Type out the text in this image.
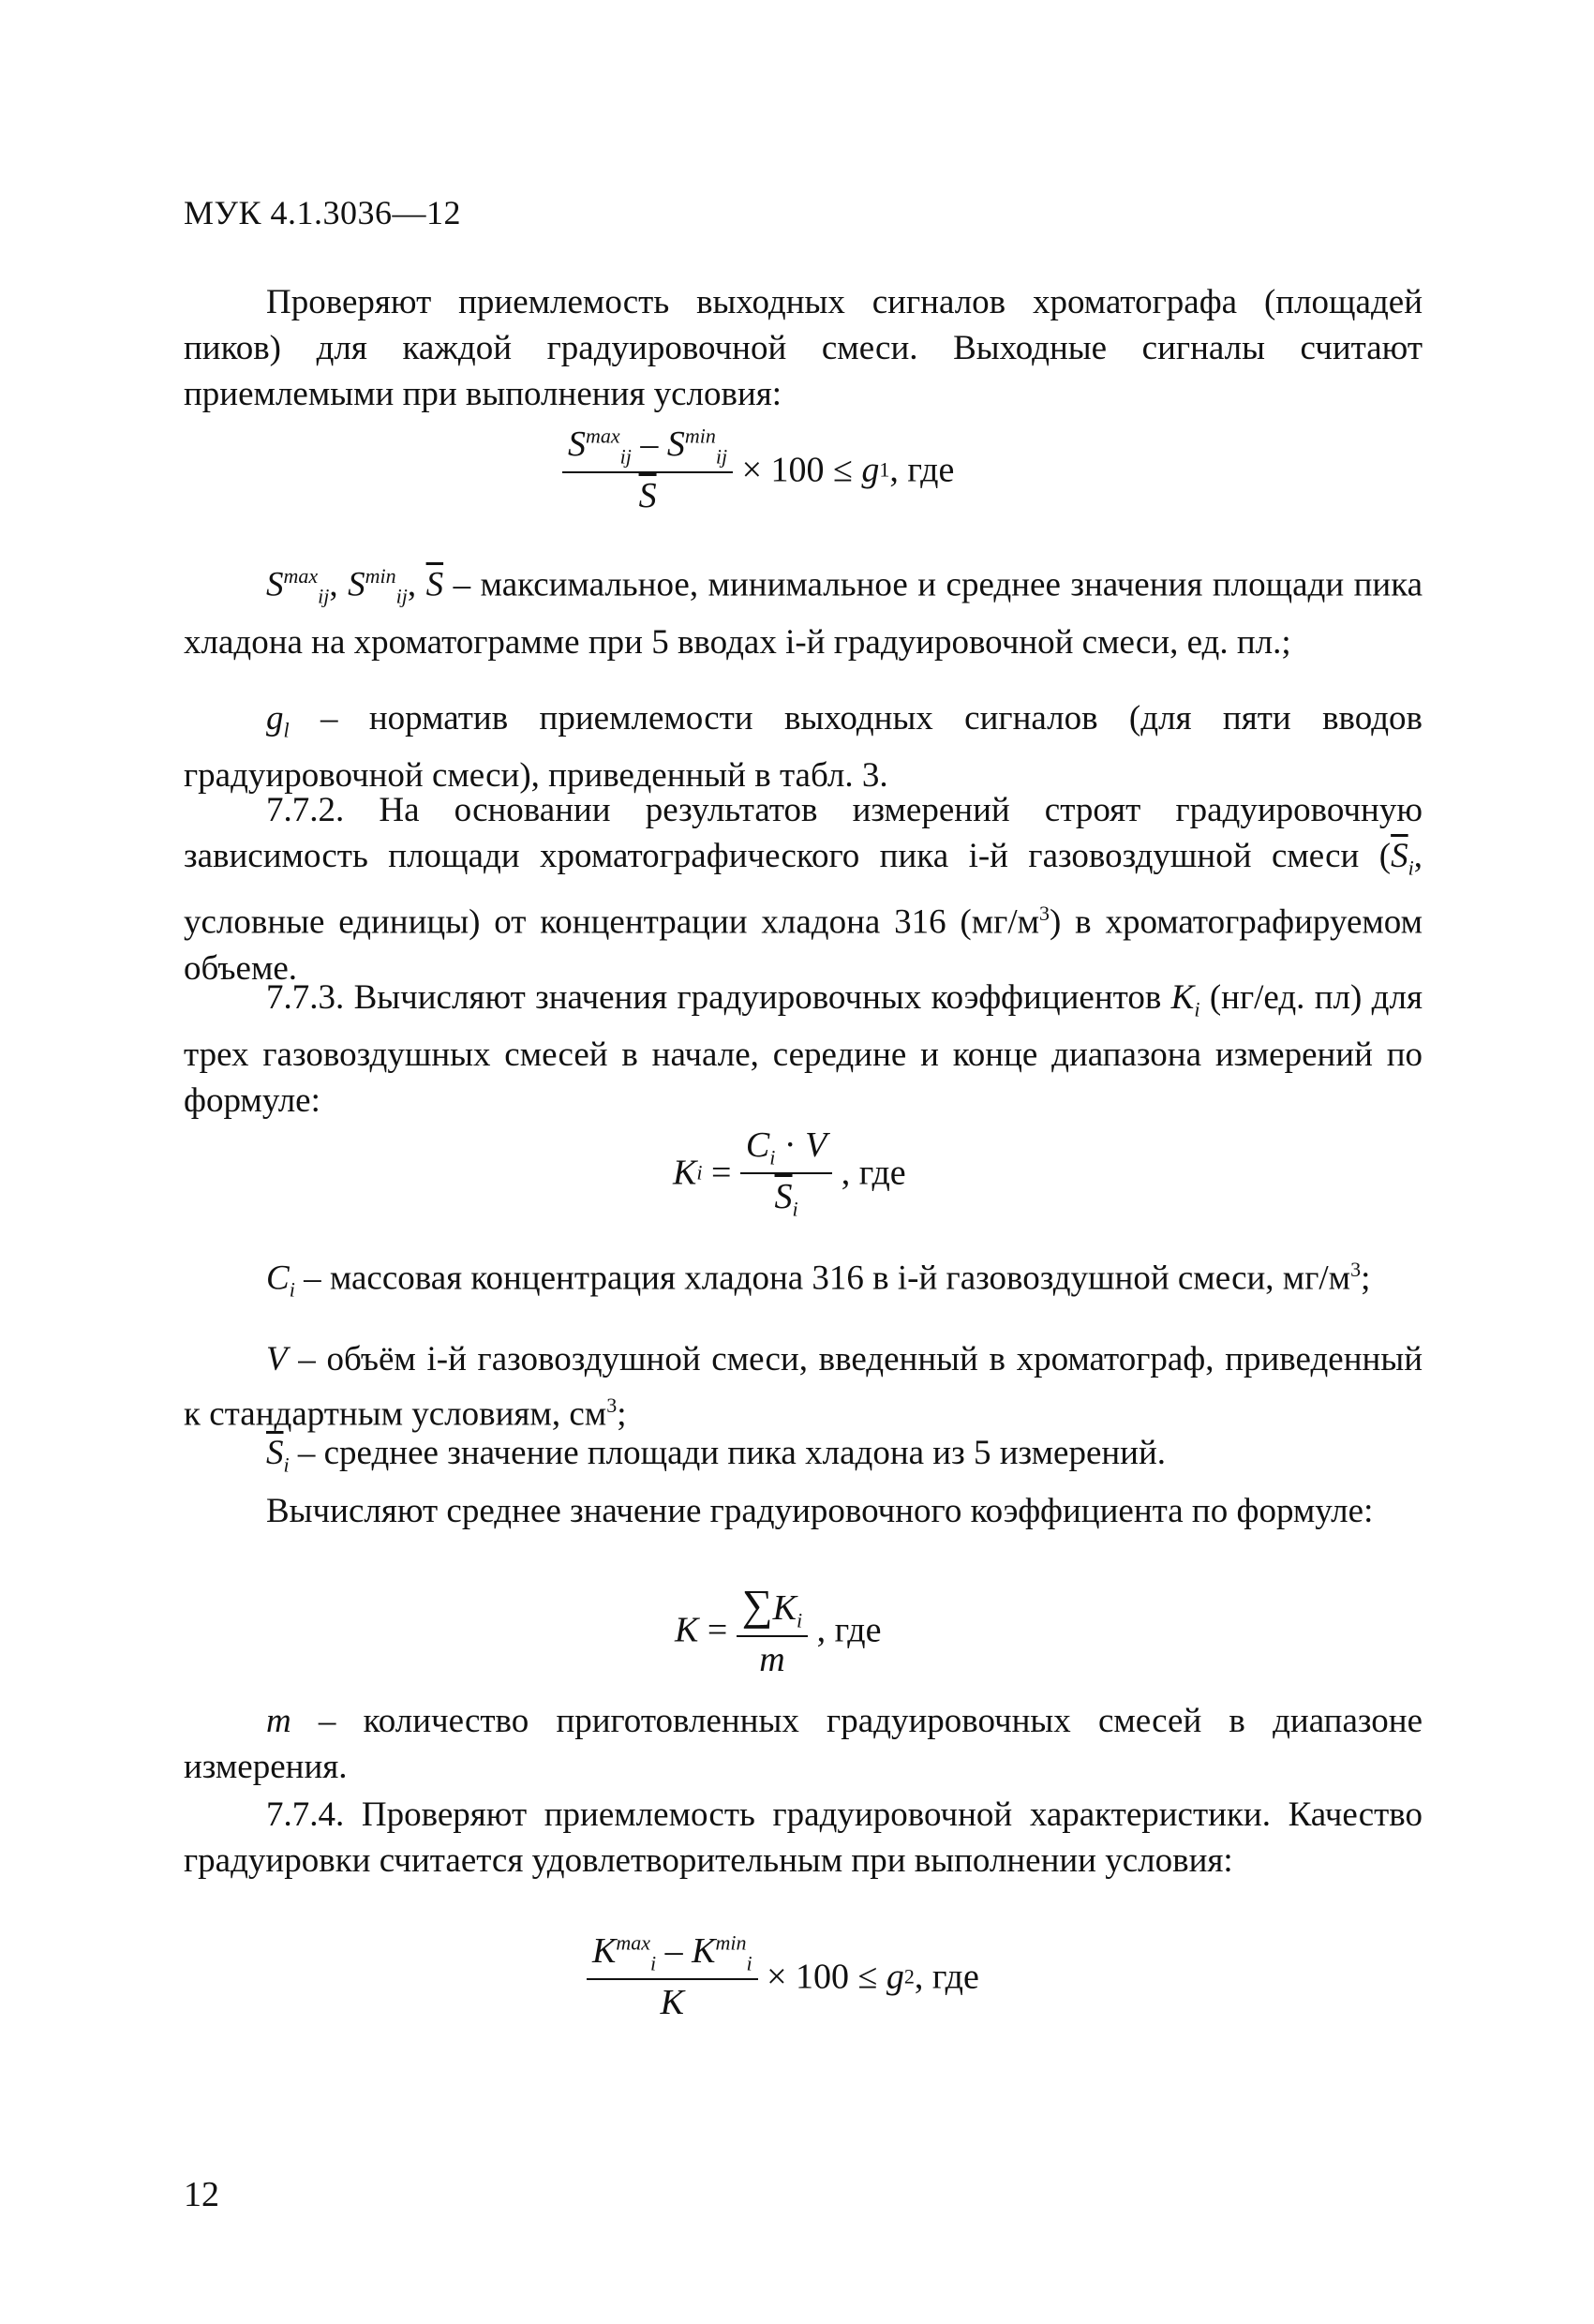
МУК 4.1.3036—12
Проверяют приемлемость выходных сигналов хроматографа (площадей пиков) для каждой градуировочной смеси. Выходные сигналы считают приемлемыми при выполнения условия:
$\frac{S^{max}_{ij} - S^{min}_{ij}}{S} \times 100 \le g1$, где
$S^{max}_{ij}$, $S^{min}_{ij}$, $\overline{S}$ – максимальное, минимальное и среднее значения площади пика хладона на хроматограмме при 5 вводах i-й градуировочной смеси, ед. пл.;
$g_l$ – норматив приемлемости выходных сигналов (для пяти вводов градуировочной смеси), приведенный в табл. 3.
7.7.2. На основании результатов измерений строят градуировочную зависимость площади хроматографического пика i-й газовоздушной смеси ($\overline{S}_i$, условные единицы) от концентрации хладона 316 $(мг/м^3)$ в хроматографируемом объеме.
7.7.3. Вычисляют значения градуировочных коэффициентов $K_i$ (нг/ед. пл) для трех газовоздушных смесей в начале, середине и конце диапазона измерений по формуле:
$Ki = \frac{C_i \cdot V}{\overline{S}_i}$ , где
$C_i$ – массовая концентрация хладона 316 в i-й газовоздушной смеси, $мг/м^3$;
V – объём i-й газовоздушной смеси, введенный в хроматограф, приведенный к стандартным условиям, $см^3$;
$\overline{S}_i$ – среднее значение площади пика хладона из 5 измерений.
Вычисляют среднее значение градуировочного коэффициента по формуле:
$K = \frac{\sum K_i}{m}$ , где
m – количество приготовленных градуировочных смесей в диапазоне измерения.
7.7.4. Проверяют приемлемость градуировочной характеристики. Качество градуировки считается удовлетворительным при выполнении условия:
$\frac{K^{max}_i - K^{min}_i}{K} \times 100 \le g2$, где
12
